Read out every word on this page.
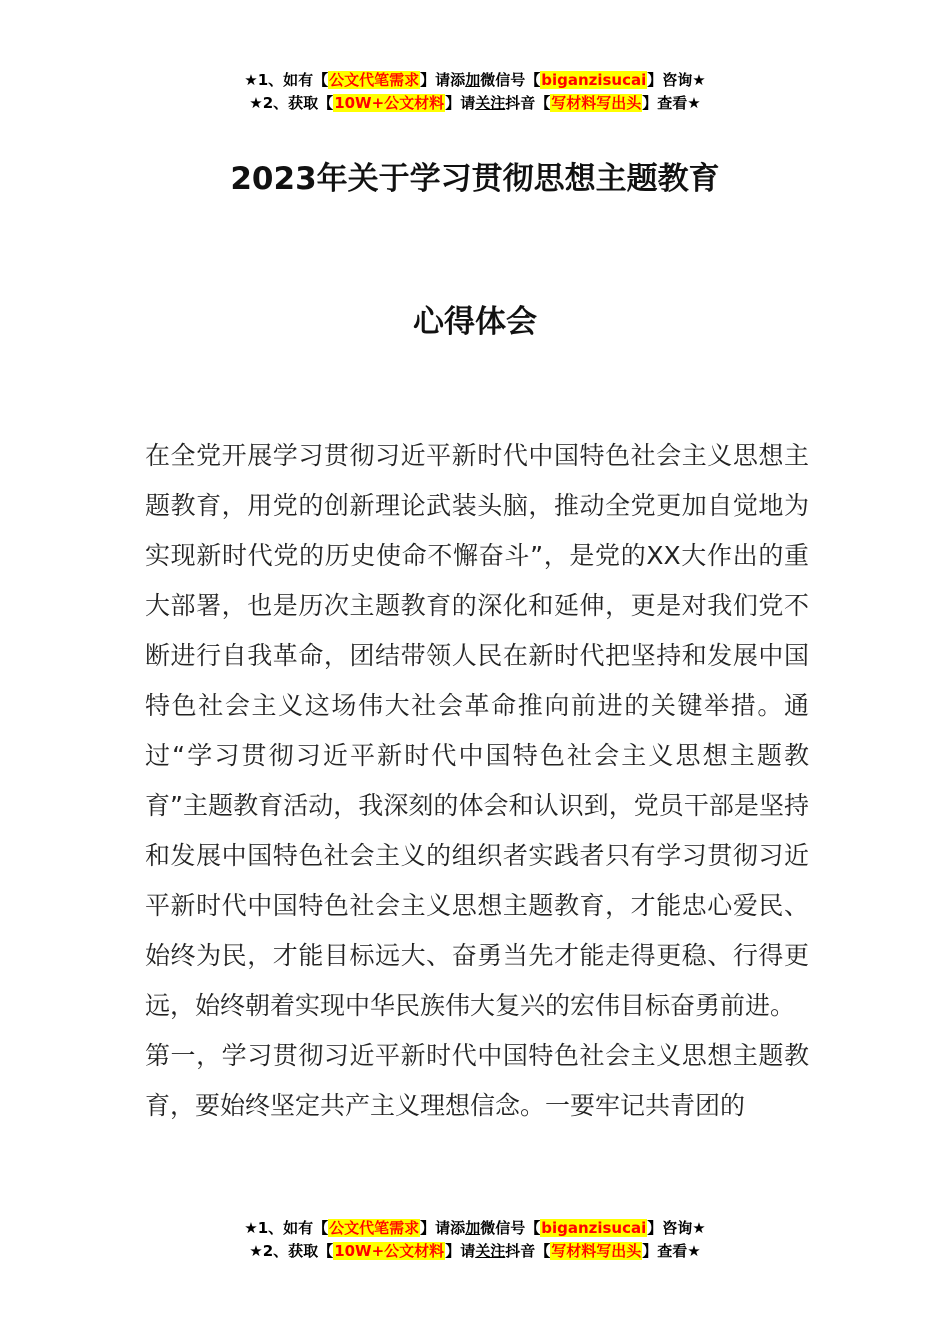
★1、如有【公文代笔需求】请添加微信号【biganzisucai】咨询★
★2、获取【10W+公文材料】请关注抖音【写材料写出头】查看★
2023年关于学习贯彻思想主题教育
心得体会

在全党开展学习贯彻习近平新时代中国特色社会主义思想主题教育，用党的创新理论武装头脑，推动全党更加自觉地为实现新时代党的历史使命不懈奋斗”，是党的XX大作出的重大部署，也是历次主题教育的深化和延伸，更是对我们党不断进行自我革命，团结带领人民在新时代把坚持和发展中国特色社会主义这场伟大社会革命推向前进的关键举措。通过“学习贯彻习近平新时代中国特色社会主义思想主题教育”主题教育活动，我深刻的体会和认识到，党员干部是坚持和发展中国特色社会主义的组织者实践者只有学习贯彻习近平新时代中国特色社会主义思想主题教育，才能忠心爱民、始终为民，才能目标远大、奋勇当先才能走得更稳、行得更远，始终朝着实现中华民族伟大复兴的宏伟目标奋勇前进。

第一，学习贯彻习近平新时代中国特色社会主义思想主题教育，要始终坚定共产主义理想信念。一要牢记共青团的

★1、如有【公文代笔需求】请添加微信号【biganzisucai】咨询★
★2、获取【10W+公文材料】请关注抖音【写材料写出头】查看★
